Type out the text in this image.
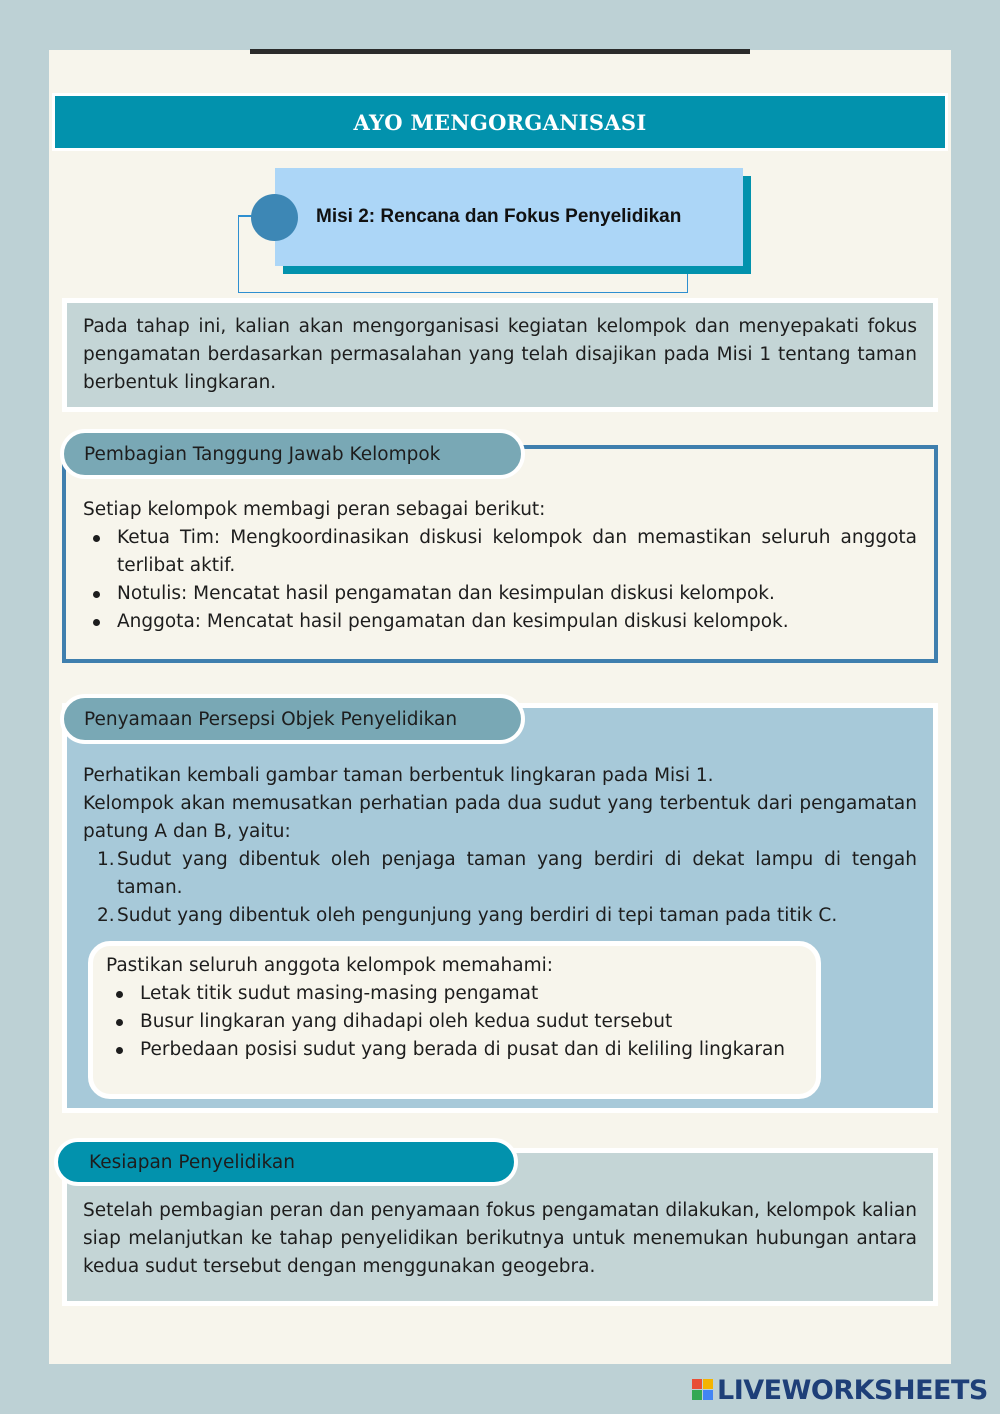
AYO MENGORGANISASI
Misi 2: Rencana dan Fokus Penyelidikan
Pada tahap ini, kalian akan mengorganisasi kegiatan kelompok dan menyepakati fokus pengamatan berdasarkan permasalahan yang telah disajikan pada Misi 1 tentang taman berbentuk lingkaran.
Setiap kelompok membagi peran sebagai berikut:
Ketua Tim: Mengkoordinasikan diskusi kelompok dan memastikan seluruh anggota terlibat aktif.
Notulis: Mencatat hasil pengamatan dan kesimpulan diskusi kelompok.
Anggota: Mencatat hasil pengamatan dan kesimpulan diskusi kelompok.
Pembagian Tanggung Jawab Kelompok
Perhatikan kembali gambar taman berbentuk lingkaran pada Misi 1.
Kelompok akan memusatkan perhatian pada dua sudut yang terbentuk dari pengamatan patung A dan B, yaitu:
1. Sudut yang dibentuk oleh penjaga taman yang berdiri di dekat lampu di tengah taman.
2. Sudut yang dibentuk oleh pengunjung yang berdiri di tepi taman pada titik C.
Pastikan seluruh anggota kelompok memahami:
Letak titik sudut masing-masing pengamat
Busur lingkaran yang dihadapi oleh kedua sudut tersebut
Perbedaan posisi sudut yang berada di pusat dan di keliling lingkaran
Penyamaan Persepsi Objek Penyelidikan
Setelah pembagian peran dan penyamaan fokus pengamatan dilakukan, kelompok kalian siap melanjutkan ke tahap penyelidikan berikutnya untuk menemukan hubungan antara kedua sudut tersebut dengan menggunakan geogebra.
Kesiapan Penyelidikan
LIVEWORKSHEETS
